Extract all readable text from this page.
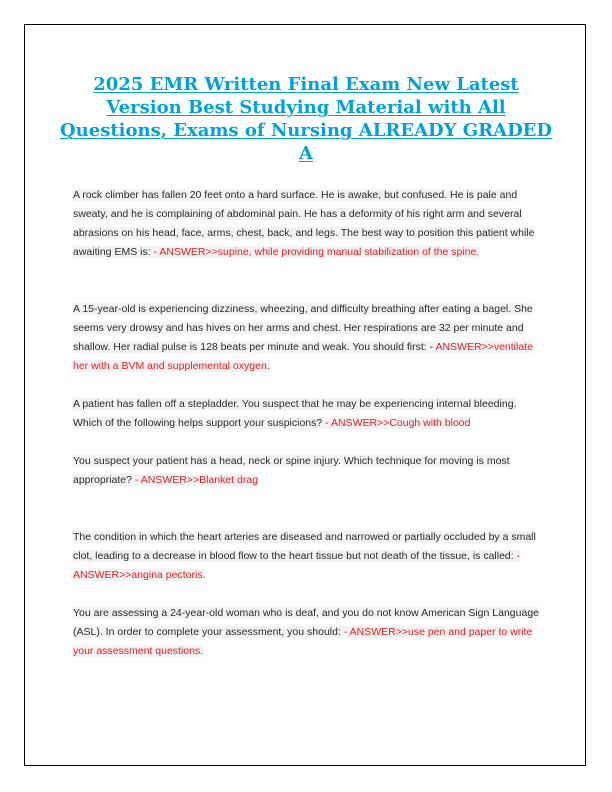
2025 EMR Written Final Exam New Latest Version Best Studying Material with All Questions, Exams of Nursing ALREADY GRADED A

A rock climber has fallen 20 feet onto a hard surface. He is awake, but confused. He is pale and sweaty, and he is complaining of abdominal pain. He has a deformity of his right arm and several abrasions on his head, face, arms, chest, back, and legs. The best way to position this patient while awaiting EMS is: - ANSWER>>supine, while providing manual stabilization of the spine.

A 15-year-old is experiencing dizziness, wheezing, and difficulty breathing after eating a bagel. She seems very drowsy and has hives on her arms and chest. Her respirations are 32 per minute and shallow. Her radial pulse is 128 beats per minute and weak. You should first: - ANSWER>>ventilate her with a BVM and supplemental oxygen.

A patient has fallen off a stepladder. You suspect that he may be experiencing internal bleeding. Which of the following helps support your suspicions? - ANSWER>>Cough with blood

You suspect your patient has a head, neck or spine injury. Which technique for moving is most appropriate? - ANSWER>>Blanket drag

The condition in which the heart arteries are diseased and narrowed or partially occluded by a small clot, leading to a decrease in blood flow to the heart tissue but not death of the tissue, is called: - ANSWER>>angina pectoris.

You are assessing a 24-year-old woman who is deaf, and you do not know American Sign Language (ASL). In order to complete your assessment, you should: - ANSWER>>use pen and paper to write your assessment questions.
